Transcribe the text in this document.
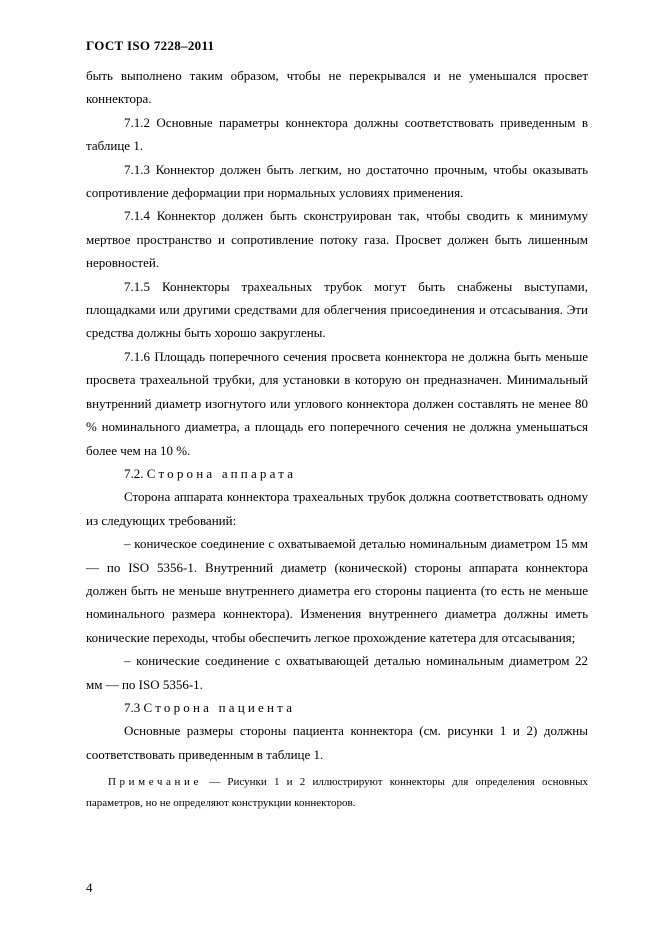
ГОСТ ISO 7228–2011

быть выполнено таким образом, чтобы не перекрывался и не уменьшался просвет коннектора.

7.1.2 Основные параметры коннектора должны соответствовать приведенным в таблице 1.

7.1.3 Коннектор должен быть легким, но достаточно прочным, чтобы оказывать сопротивление деформации при нормальных условиях применения.

7.1.4 Коннектор должен быть сконструирован так, чтобы сводить к минимуму мертвое пространство и сопротивление потоку газа. Просвет должен быть лишенным неровностей.

7.1.5 Коннекторы трахеальных трубок могут быть снабжены выступами, площадками или другими средствами для облегчения присоединения и отсасывания. Эти средства должны быть хорошо закруглены.

7.1.6 Площадь поперечного сечения просвета коннектора не должна быть меньше просвета трахеальной трубки, для установки в которую он предназначен. Минимальный внутренний диаметр изогнутого или углового коннектора должен составлять не менее 80 % номинального диаметра, а площадь его поперечного сечения не должна уменьшаться более чем на 10 %.

7.2. Сторона аппарата

Сторона аппарата коннектора трахеальных трубок должна соответствовать одному из следующих требований:

– коническое соединение с охватываемой деталью номинальным диаметром 15 мм — по ISO 5356-1. Внутренний диаметр (конической) стороны аппарата коннектора должен быть не меньше внутреннего диаметра его стороны пациента (то есть не меньше номинального размера коннектора). Изменения внутреннего диаметра должны иметь конические переходы, чтобы обеспечить легкое прохождение катетера для отсасывания;

– конические соединение с охватывающей деталью номинальным диаметром 22 мм — по ISO 5356-1.

7.3 Сторона пациента

Основные размеры стороны пациента коннектора (см. рисунки 1 и 2) должны соответствовать приведенным в таблице 1.

Примечание — Рисунки 1 и 2 иллюстрируют коннекторы для определения основных параметров, но не определяют конструкции коннекторов.

4
